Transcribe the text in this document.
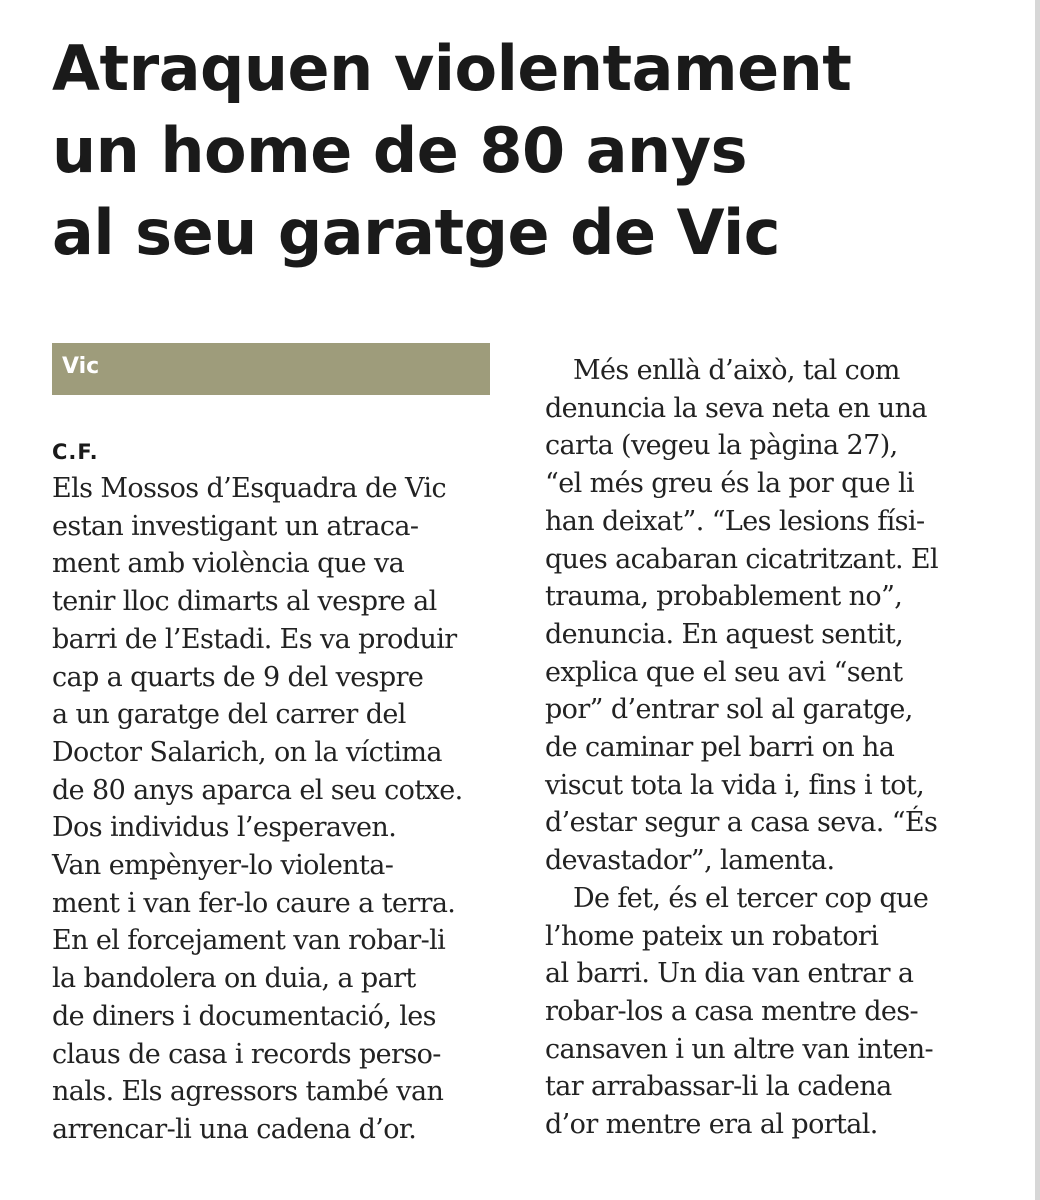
Atraquen violentament
un home de 80 anys
al seu garatge de Vic
Vic
C.F.
Els Mossos d’Esquadra de Vic
estan investigant un atraca-
ment amb violència que va
tenir lloc dimarts al vespre al
barri de l’Estadi. Es va produir
cap a quarts de 9 del vespre
a un garatge del carrer del
Doctor Salarich, on la víctima
de 80 anys aparca el seu cotxe.
Dos individus l’esperaven.
Van empènyer-lo violenta-
ment i van fer-lo caure a terra.
En el forcejament van robar-li
la bandolera on duia, a part
de diners i documentació, les
claus de casa i records perso-
nals. Els agressors també van
arrencar-li una cadena d’or.
Més enllà d’això, tal com
denuncia la seva neta en una
carta (vegeu la pàgina 27),
“el més greu és la por que li
han deixat”. “Les lesions físi-
ques acabaran cicatritzant. El
trauma, probablement no”,
denuncia. En aquest sentit,
explica que el seu avi “sent
por” d’entrar sol al garatge,
de caminar pel barri on ha
viscut tota la vida i, fins i tot,
d’estar segur a casa seva. “És
devastador”, lamenta.
De fet, és el tercer cop que
l’home pateix un robatori
al barri. Un dia van entrar a
robar-los a casa mentre des-
cansaven i un altre van inten-
tar arrabassar-li la cadena
d’or mentre era al portal.
